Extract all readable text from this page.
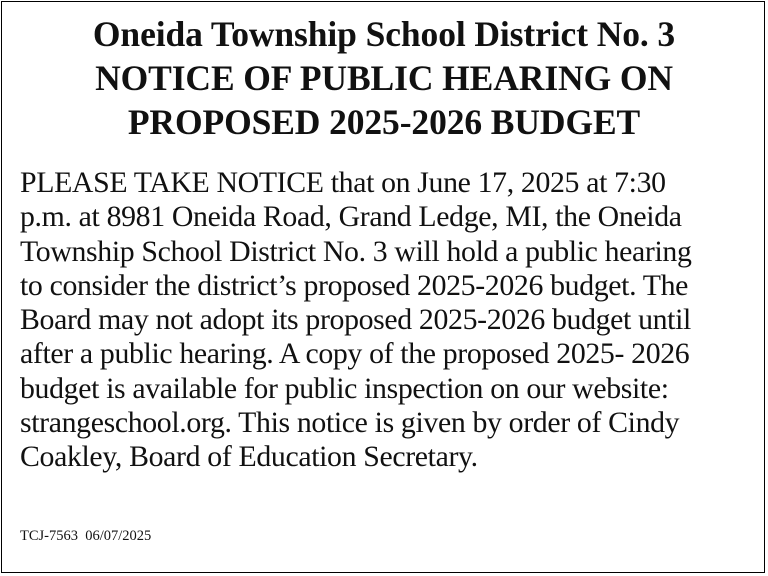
Oneida Township School District No. 3
NOTICE OF PUBLIC HEARING ON
PROPOSED 2025-2026 BUDGET
PLEASE TAKE NOTICE that on June 17, 2025 at 7:30
p.m. at 8981 Oneida Road, Grand Ledge, MI, the Oneida
Township School District No. 3 will hold a public hearing
to consider the district’s proposed 2025-2026 budget. The
Board may not adopt its proposed 2025-2026 budget until
after a public hearing. A copy of the proposed 2025- 2026
budget is available for public inspection on our website:
strangeschool.org. This notice is given by order of Cindy
Coakley, Board of Education Secretary.
TCJ-7563 06/07/2025
